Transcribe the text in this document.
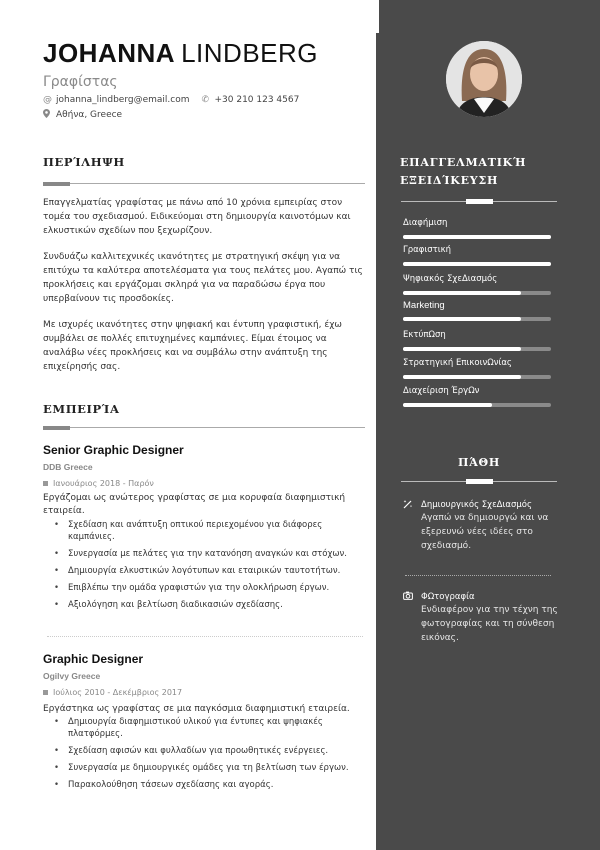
JOHANNA LINDBERG
Γραφίστας
@ johanna_lindberg@email.com ✆ +30 210 123 4567
Αθήνα, Greece
ΠΕΡΊΛΗΨΗ
Επαγγελματίας γραφίστας με πάνω από 10 χρόνια εμπειρίας στον τομέα του σχεδιασμού. Ειδικεύομαι στη δημιουργία καινοτόμων και ελκυστικών σχεδίων που ξεχωρίζουν.
Συνδυάζω καλλιτεχνικές ικανότητες με στρατηγική σκέψη για να επιτύχω τα καλύτερα αποτελέσματα για τους πελάτες μου. Αγαπώ τις προκλήσεις και εργάζομαι σκληρά για να παραδώσω έργα που υπερβαίνουν τις προσδοκίες.
Με ισχυρές ικανότητες στην ψηφιακή και έντυπη γραφιστική, έχω συμβάλει σε πολλές επιτυχημένες καμπάνιες. Είμαι έτοιμος να αναλάβω νέες προκλήσεις και να συμβάλω στην ανάπτυξη της επιχείρησής σας.
ΕΜΠΕΙΡΊΑ
Senior Graphic Designer
DDB Greece
Ιανουάριος 2018 - Παρόν
Εργάζομαι ως ανώτερος γραφίστας σε μια κορυφαία διαφημιστική εταιρεία.
• Σχεδίαση και ανάπτυξη οπτικού περιεχομένου για διάφορες καμπάνιες.
• Συνεργασία με πελάτες για την κατανόηση αναγκών και στόχων.
• Δημιουργία ελκυστικών λογότυπων και εταιρικών ταυτοτήτων.
• Επιβλέπω την ομάδα γραφιστών για την ολοκλήρωση έργων.
• Αξιολόγηση και βελτίωση διαδικασιών σχεδίασης.
Graphic Designer
Ogilvy Greece
Ιούλιος 2010 - Δεκέμβριος 2017
Εργάστηκα ως γραφίστας σε μια παγκόσμια διαφημιστική εταιρεία.
• Δημιουργία διαφημιστικού υλικού για έντυπες και ψηφιακές πλατφόρμες.
• Σχεδίαση αφισών και φυλλαδίων για προωθητικές ενέργειες.
• Συνεργασία με δημιουργικές ομάδες για τη βελτίωση των έργων.
• Παρακολούθηση τάσεων σχεδίασης και αγοράς.
ΕΠΑΓΓΕΛΜΑΤΙΚΉ
ΕΞΕΙΔΊΚΕΥΣΗ
Διαφήμιση
Γραφιστική
Ψηφιακός ΣχεΔιασμός
Marketing
ΕκτύπΩση
Στρατηγική ΕπικοινΩνίας
Διαχείριση ΈργΩν
ΠΆΘΗ
Δημιουργικός ΣχεΔιασμός
Αγαπώ να δημιουργώ και να εξερευνώ νέες ιδέες στο σχεδιασμό.
ΦΩτογραφία
Ενδιαφέρον για την τέχνη της φωτογραφίας και τη σύνθεση εικόνας.
